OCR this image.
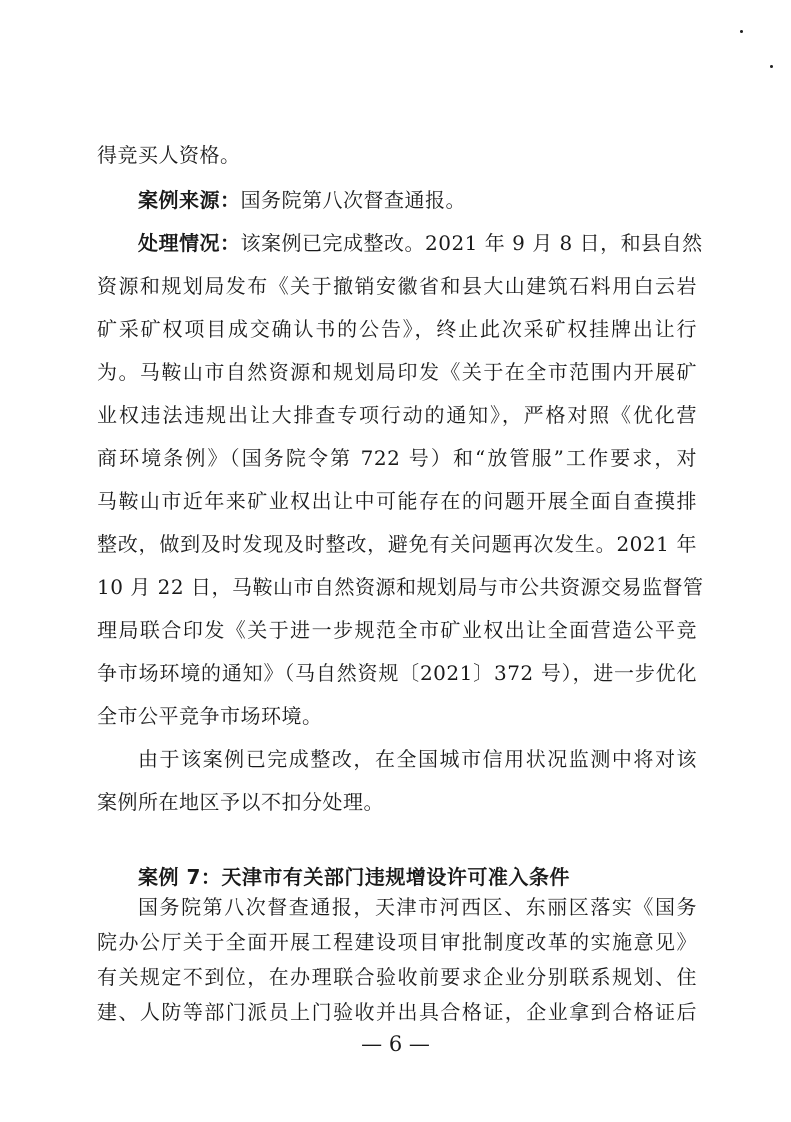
得竞买人资格。
案例来源：国务院第八次督查通报。
处理情况：该案例已完成整改。2021 年 9 月 8 日，和县自然
资源和规划局发布《关于撤销安徽省和县大山建筑石料用白云岩
矿采矿权项目成交确认书的公告》，终止此次采矿权挂牌出让行
为。马鞍山市自然资源和规划局印发《关于在全市范围内开展矿
业权违法违规出让大排查专项行动的通知》，严格对照《优化营
商环境条例》（国务院令第 722 号）和“放管服”工作要求，对
马鞍山市近年来矿业权出让中可能存在的问题开展全面自查摸排
整改，做到及时发现及时整改，避免有关问题再次发生。2021 年
10 月 22 日，马鞍山市自然资源和规划局与市公共资源交易监督管
理局联合印发《关于进一步规范全市矿业权出让全面营造公平竞
争市场环境的通知》（马自然资规〔2021〕372 号），进一步优化
全市公平竞争市场环境。
由于该案例已完成整改，在全国城市信用状况监测中将对该
案例所在地区予以不扣分处理。
案例 7：天津市有关部门违规增设许可准入条件
— 6 —
国务院第八次督查通报，天津市河西区、东丽区落实《国务
院办公厅关于全面开展工程建设项目审批制度改革的实施意见》
有关规定不到位，在办理联合验收前要求企业分别联系规划、住
建、人防等部门派员上门验收并出具合格证，企业拿到合格证后
